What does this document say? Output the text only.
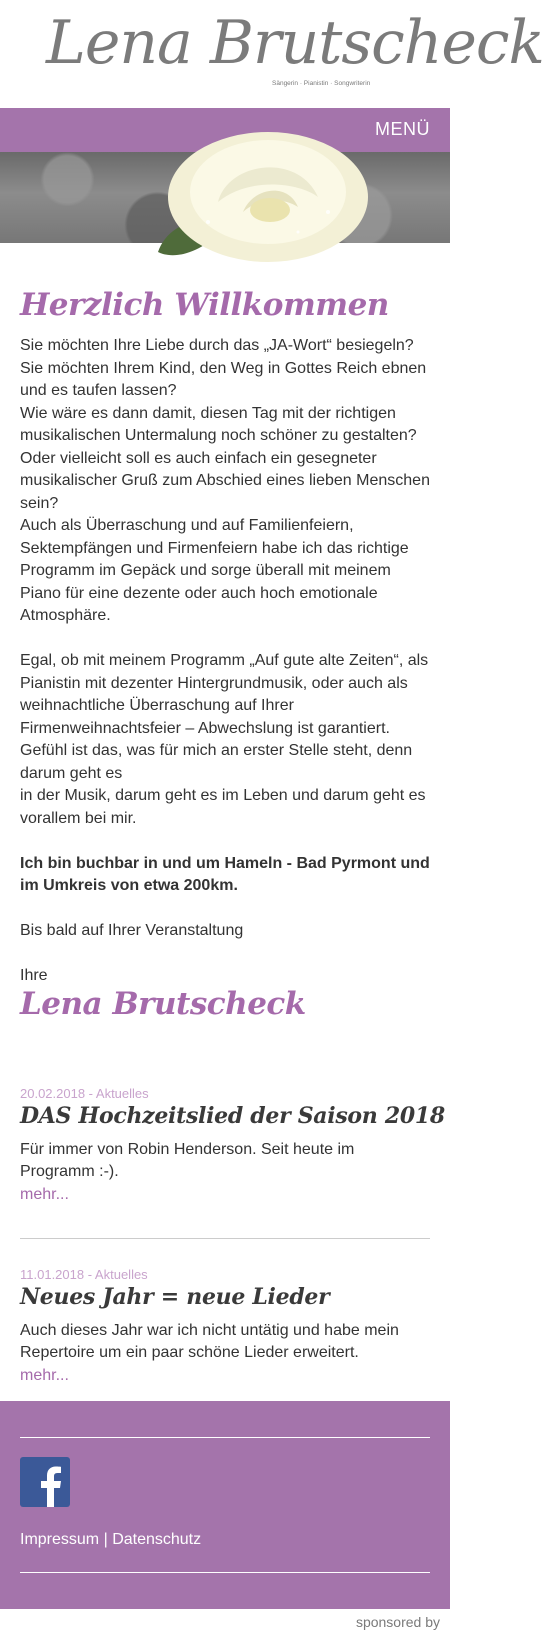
Lena Brutscheck
Sängerin · Pianistin · Songwriterin
MENÜ
Herzlich Willkommen

Sie möchten Ihre Liebe durch das „JA-Wort“ besiegeln?

Sie möchten Ihrem Kind, den Weg in Gottes Reich ebnen und es taufen lassen?

Wie wäre es dann damit, diesen Tag mit der richtigen musikalischen Untermalung noch schöner zu gestalten?

Oder vielleicht soll es auch einfach ein gesegneter musikalischer Gruß zum Abschied eines lieben Menschen sein?

Auch als Überraschung und auf Familienfeiern, Sektempfängen und Firmenfeiern habe ich das richtige Programm im Gepäck und sorge überall mit meinem Piano für eine dezente oder auch hoch emotionale Atmosphäre.

Egal, ob mit meinem Programm „Auf gute alte Zeiten“, als Pianistin mit dezenter Hintergrundmusik, oder auch als weihnachtliche Überraschung auf Ihrer Firmenweihnachtsfeier – Abwechslung ist garantiert.

Gefühl ist das, was für mich an erster Stelle steht, denn darum geht es

in der Musik, darum geht es im Leben und darum geht es vorallem bei mir.

Ich bin buchbar in und um Hameln - Bad Pyrmont und im Umkreis von etwa 200km.

Bis bald auf Ihrer Veranstaltung

Ihre

Lena Brutscheck
20.02.2018 - Aktuelles
DAS Hochzeitslied der Saison 2018

Für immer von Robin Henderson. Seit heute im Programm :-).

mehr...
11.01.2018 - Aktuelles
Neues Jahr = neue Lieder

Auch dieses Jahr war ich nicht untätig und habe mein Repertoire um ein paar schöne Lieder erweitert.

mehr...
Impressum | Datenschutz
sponsored by
